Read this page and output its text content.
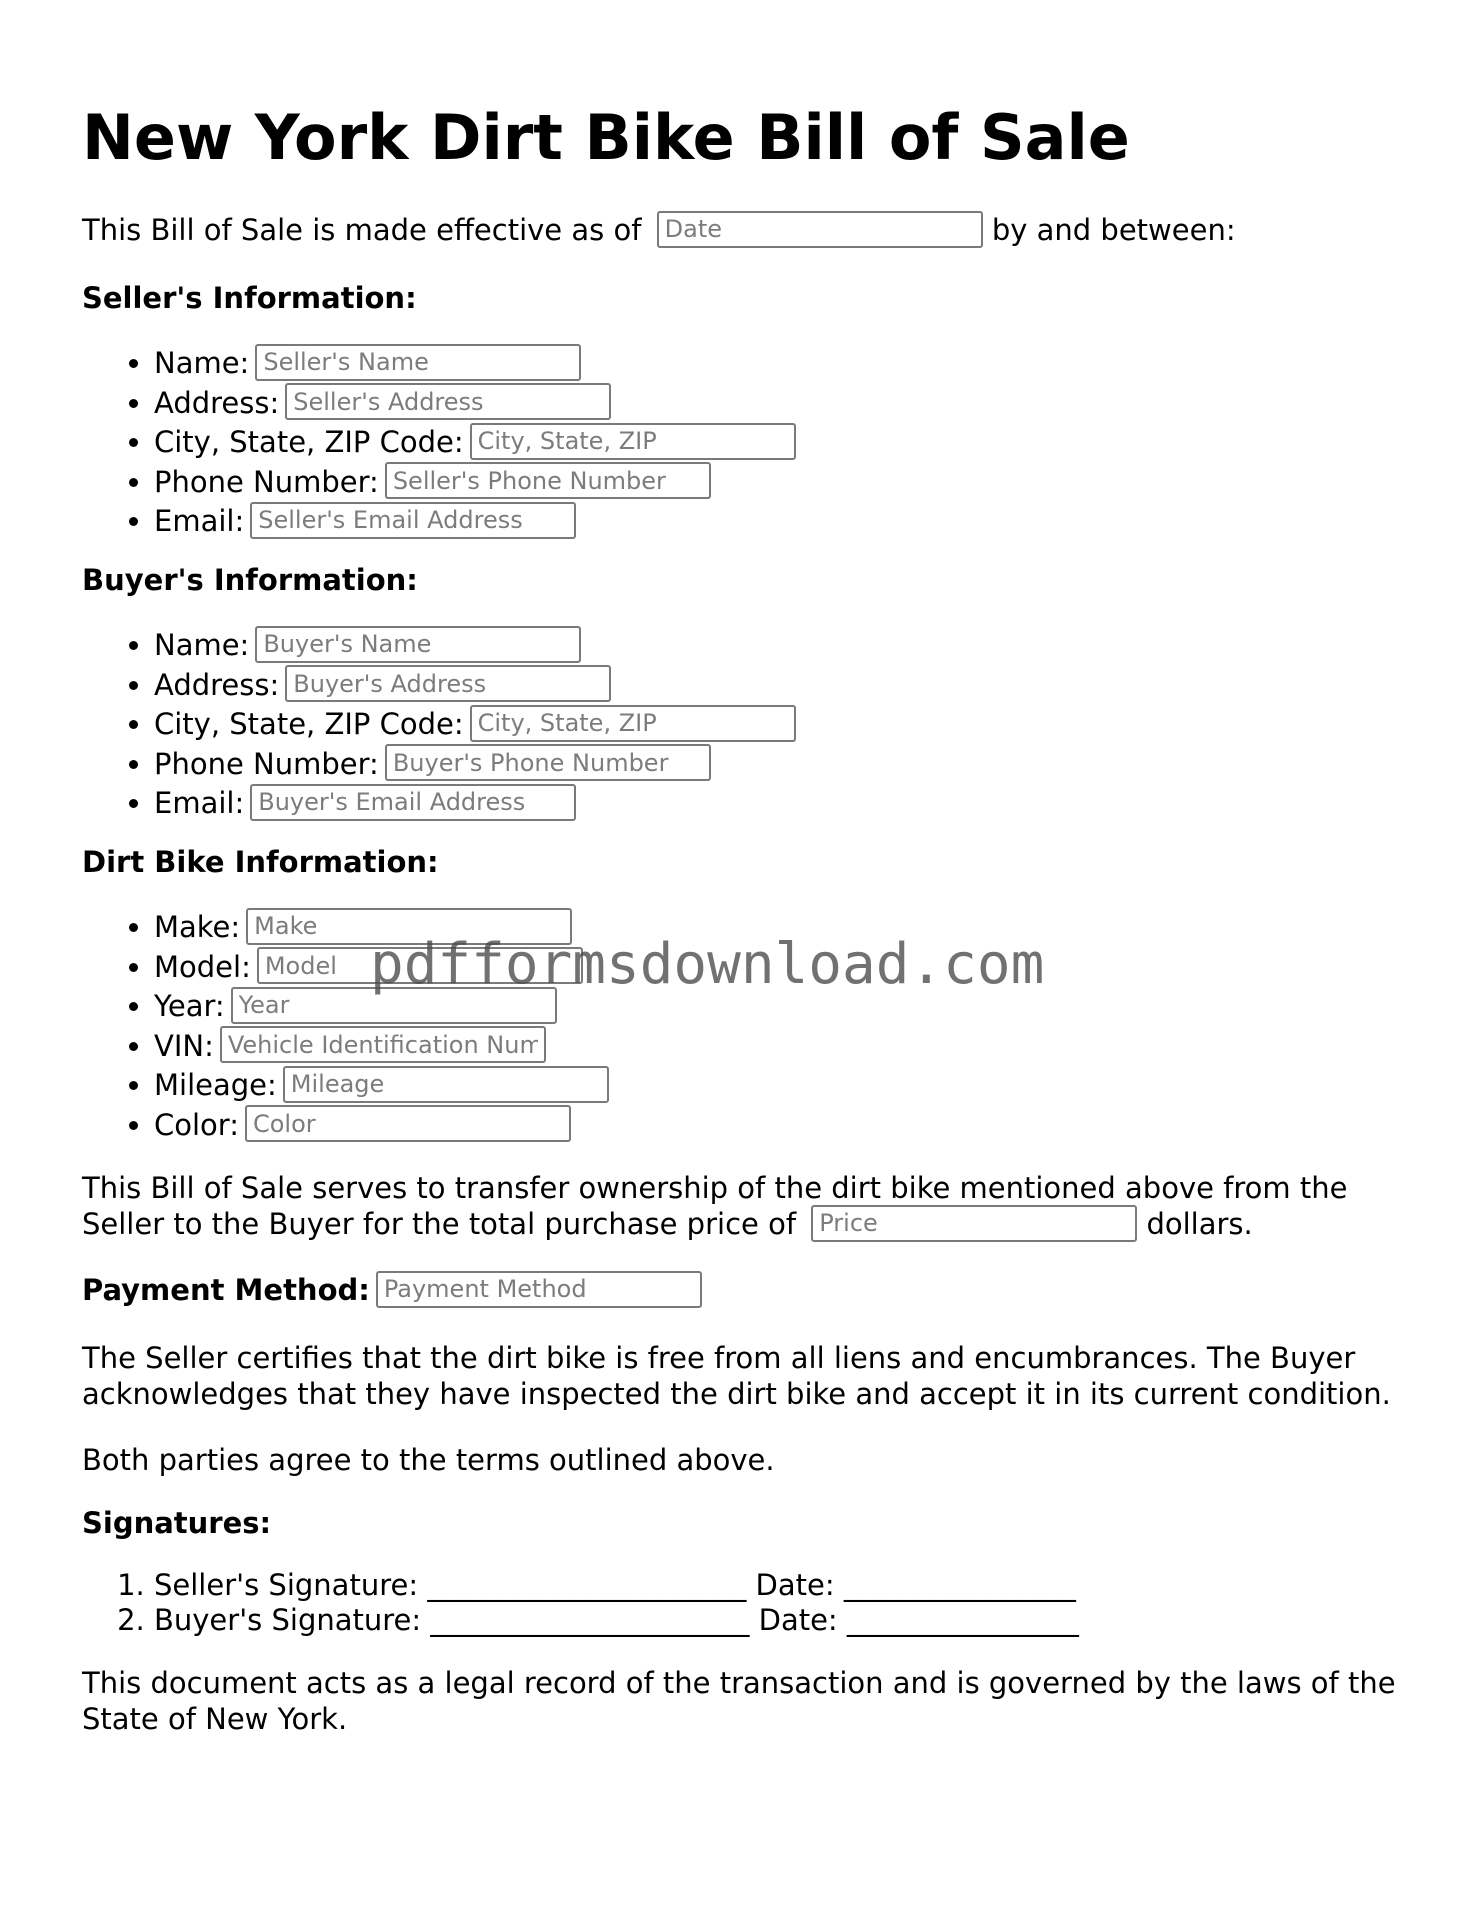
New York Dirt Bike Bill of Sale
This Bill of Sale is made effective as of Date	by and between:
Seller's Information:
• Name:Seller's Name
• Address:Seller's Address
• City, State, ZIP Code:City, State, ZIP
• Phone Number:Seller's Phone Number
• Email:Seller's Email Address
Buyer's Information:
• Name:Buyer's Name
• Address:Buyer's Address
• City, State, ZIP Code:City, State, ZIP
• Phone Number:Buyer's Phone Number
• Email:Buyer's Email Address
Dirt Bike Information:
• Make:Make
• Model:Model
• Year:Year
• VIN:Vehicle Identification Number
• Mileage:Mileage
• Color:Color
This Bill of Sale serves to transfer ownership of the dirt bike mentioned above from the
Seller to the Buyer for the total purchase price of Price	dollars.
Payment Method:Payment Method
The Seller certifies that the dirt bike is free from all liens and encumbrances. The Buyer
acknowledges that they have inspected the dirt bike and accept it in its current condition.
Both parties agree to the terms outlined above.
Signatures:
1. Seller's Signature: ______________________ Date: ________________
2. Buyer's Signature: ______________________ Date: ________________
This document acts as a legal record of the transaction and is governed by the laws of the
State of New York.
pdfformsdownload.com
